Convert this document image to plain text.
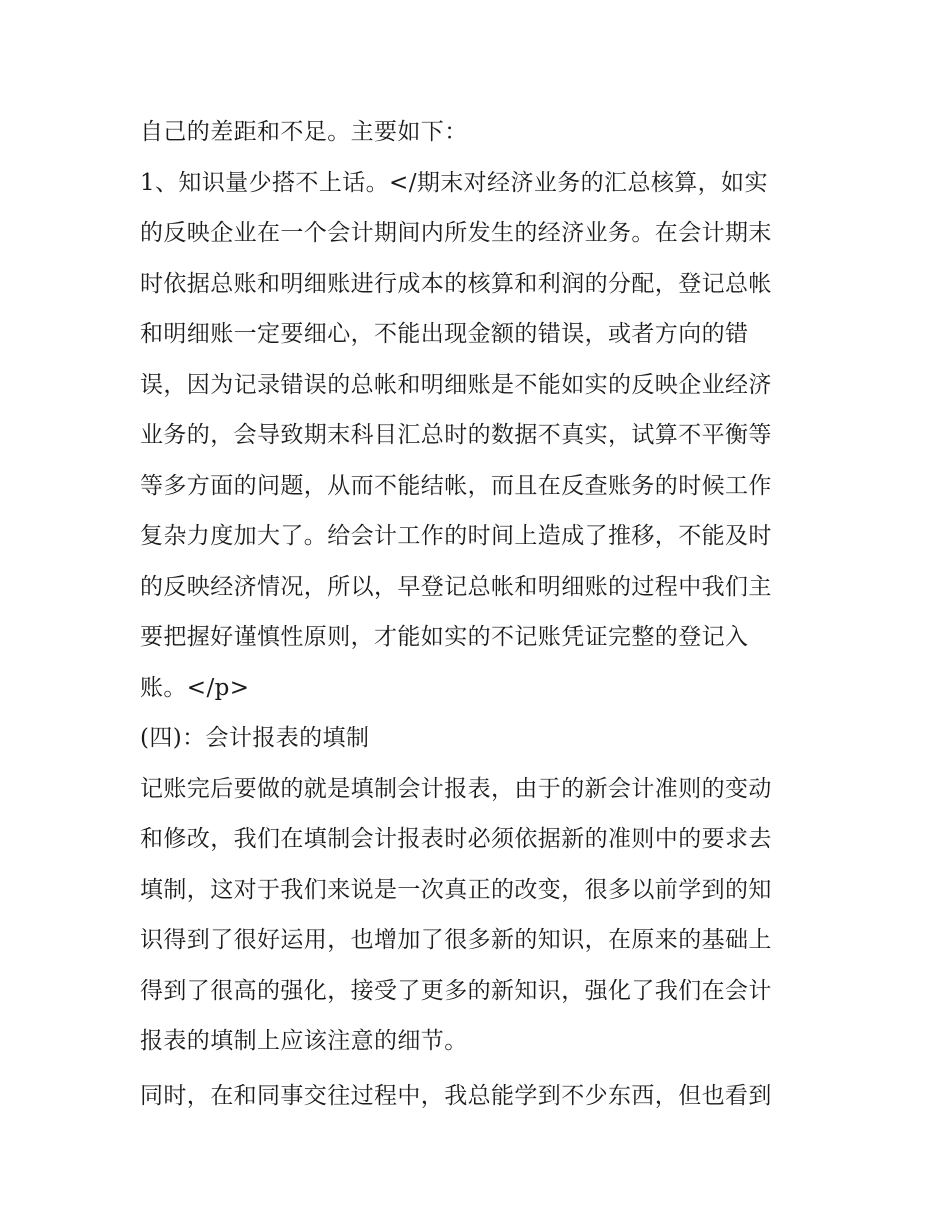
自己的差距和不足。主要如下：
1、知识量少搭不上话。</期末对经济业务的汇总核算，如实
的反映企业在一个会计期间内所发生的经济业务。在会计期末
时依据总账和明细账进行成本的核算和利润的分配，登记总帐
和明细账一定要细心，不能出现金额的错误，或者方向的错
误，因为记录错误的总帐和明细账是不能如实的反映企业经济
业务的，会导致期末科目汇总时的数据不真实，试算不平衡等
等多方面的问题，从而不能结帐，而且在反查账务的时候工作
复杂力度加大了。给会计工作的时间上造成了推移，不能及时
的反映经济情况，所以，早登记总帐和明细账的过程中我们主
要把握好谨慎性原则，才能如实的不记账凭证完整的登记入
账。</p>
(四)：会计报表的填制
记账完后要做的就是填制会计报表，由于的新会计准则的变动
和修改，我们在填制会计报表时必须依据新的准则中的要求去
填制，这对于我们来说是一次真正的改变，很多以前学到的知
识得到了很好运用，也增加了很多新的知识，在原来的基础上
得到了很高的强化，接受了更多的新知识，强化了我们在会计
报表的填制上应该注意的细节。
同时，在和同事交往过程中，我总能学到不少东西，但也看到
